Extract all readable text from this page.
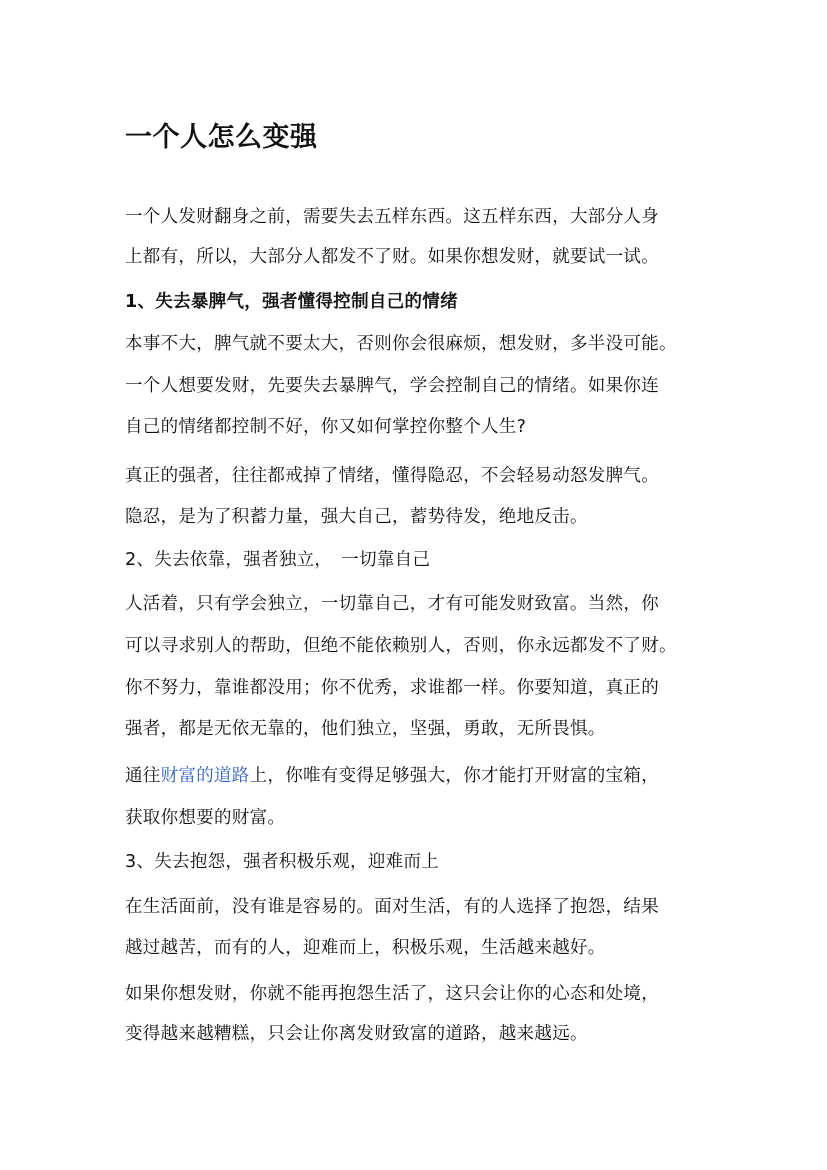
一个人怎么变强
一个人发财翻身之前，需要失去五样东西。这五样东西，大部分人身
上都有，所以，大部分人都发不了财。如果你想发财，就要试一试。
1、失去暴脾气，强者懂得控制自己的情绪
本事不大，脾气就不要太大，否则你会很麻烦，想发财，多半没可能。
一个人想要发财，先要失去暴脾气，学会控制自己的情绪。如果你连
自己的情绪都控制不好，你又如何掌控你整个人生?
真正的强者，往往都戒掉了情绪，懂得隐忍，不会轻易动怒发脾气。
隐忍，是为了积蓄力量，强大自己，蓄势待发，绝地反击。
2、失去依靠，强者独立，　一切靠自己
人活着，只有学会独立，一切靠自己，才有可能发财致富。当然，你
可以寻求别人的帮助，但绝不能依赖别人，否则，你永远都发不了财。
你不努力，靠谁都没用；你不优秀，求谁都一样。你要知道，真正的
强者，都是无依无靠的，他们独立，坚强，勇敢，无所畏惧。
通往财富的道路上，你唯有变得足够强大，你才能打开财富的宝箱，
获取你想要的财富。
3、失去抱怨，强者积极乐观，迎难而上
在生活面前，没有谁是容易的。面对生活，有的人选择了抱怨，结果
越过越苦，而有的人，迎难而上，积极乐观，生活越来越好。
如果你想发财，你就不能再抱怨生活了，这只会让你的心态和处境，
变得越来越糟糕，只会让你离发财致富的道路，越来越远。
